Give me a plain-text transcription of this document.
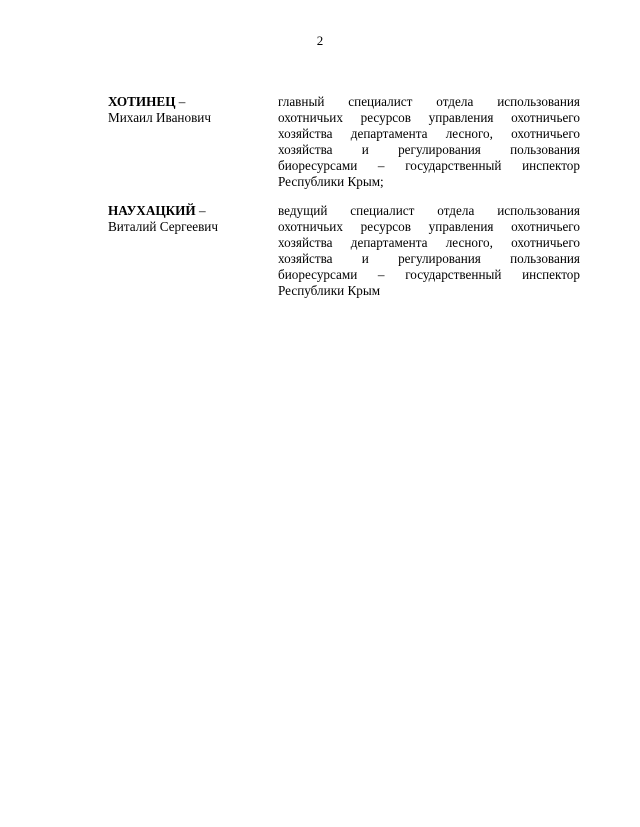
2
ХОТИНЕЦ –
Михаил Иванович
главный специалист отдела использования охотничьих ресурсов управления охотничьего хозяйства департамента лесного, охотничьего хозяйства и регулирования пользования биоресурсами – государственный инспектор Республики Крым;
НАУХАЦКИЙ –
Виталий Сергеевич
ведущий специалист отдела использования охотничьих ресурсов управления охотничьего хозяйства департамента лесного, охотничьего хозяйства и регулирования пользования биоресурсами – государственный инспектор Республики Крым
